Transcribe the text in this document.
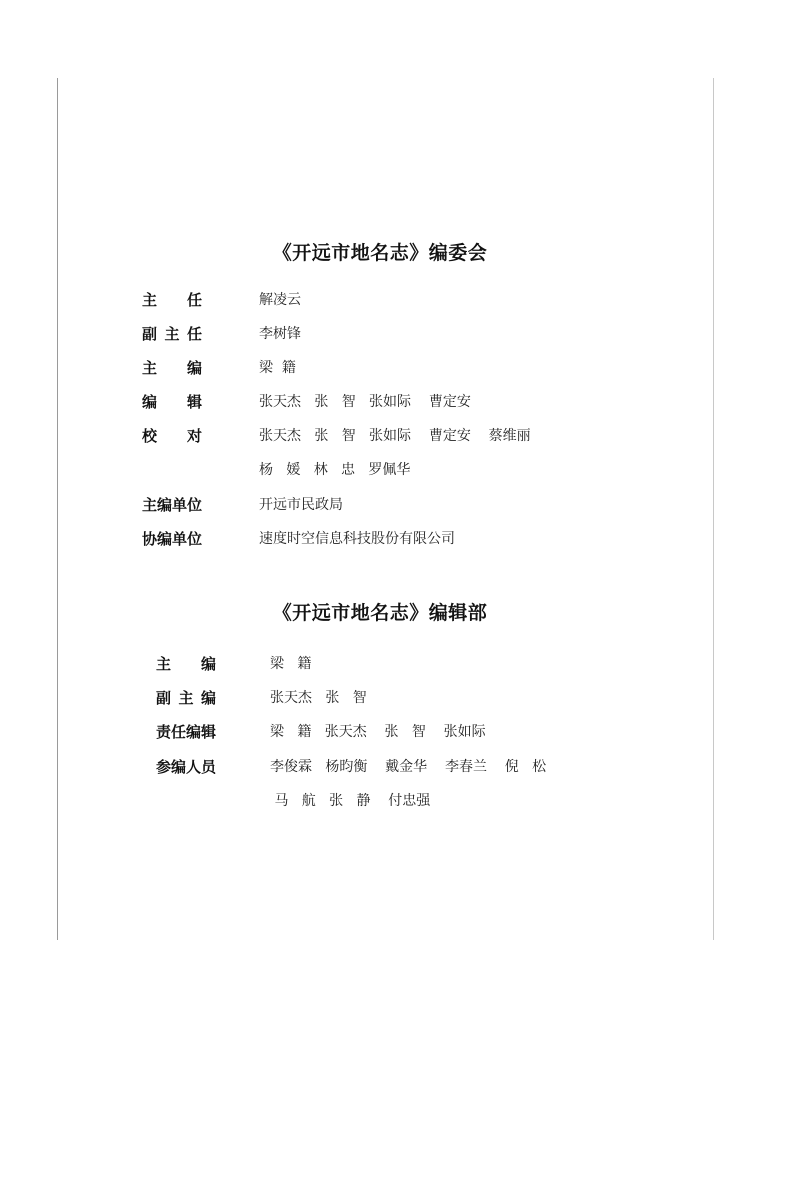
《开远市地名志》编委会
主 任	解凌云
副 主 任	李树锋
主 编	梁  籍
编 辑	张天杰   张   智   张如际    曹定安
校 对	张天杰   张   智   张如际    曹定安    蔡维丽
杨   媛   林   忠   罗佩华
主编单位	开远市民政局
协编单位	速度时空信息科技股份有限公司
《开远市地名志》编辑部
主 编	梁   籍
副 主 编	张天杰   张   智
责任编辑	梁   籍   张天杰    张   智    张如际
参编人员	李俊霖   杨昀衡    戴金华    李春兰    倪   松
马   航   张   静    付忠强
